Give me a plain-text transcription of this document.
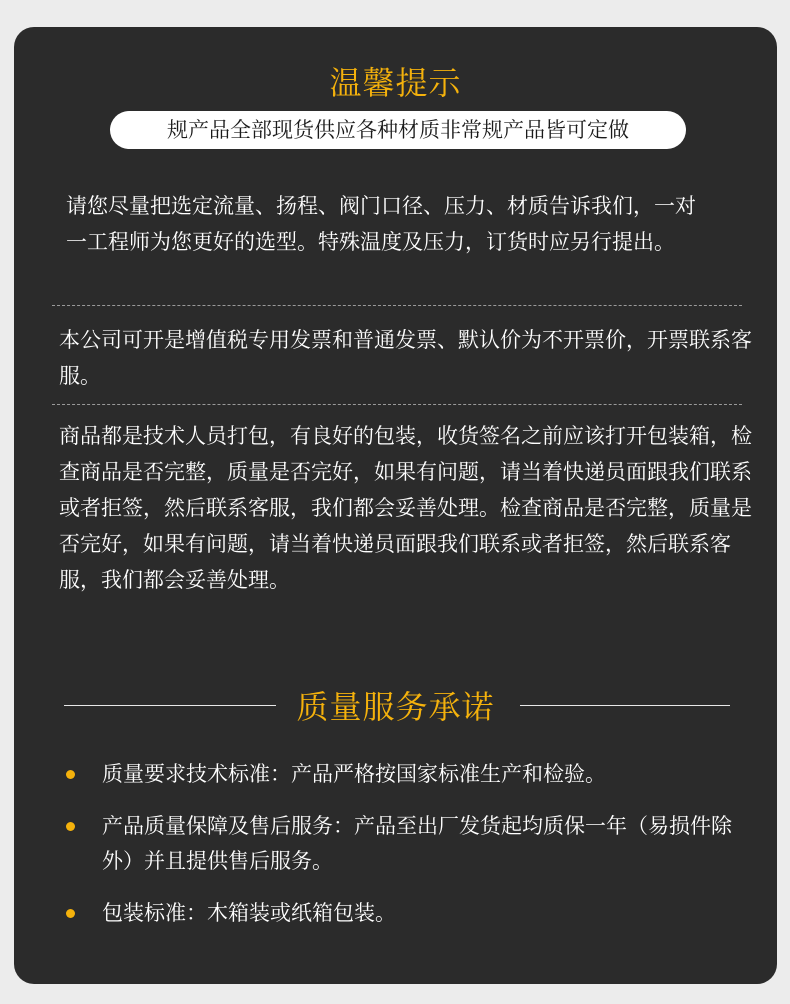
温馨提示
规产品全部现货供应各种材质非常规产品皆可定做

请您尽量把选定流量、扬程、阀门口径、压力、材质告诉我们，一对一工程师为您更好的选型。特殊温度及压力，订货时应另行提出。

本公司可开是增值税专用发票和普通发票、默认价为不开票价，开票联系客服。

商品都是技术人员打包，有良好的包装，收货签名之前应该打开包装箱，检查商品是否完整，质量是否完好，如果有问题，请当着快递员面跟我们联系或者拒签，然后联系客服，我们都会妥善处理。检查商品是否完整，质量是否完好，如果有问题，请当着快递员面跟我们联系或者拒签，然后联系客服，我们都会妥善处理。

质量服务承诺
质量要求技术标准：产品严格按国家标准生产和检验。
产品质量保障及售后服务：产品至出厂发货起均质保一年（易损件除外）并且提供售后服务。
包装标准：木箱装或纸箱包装。
